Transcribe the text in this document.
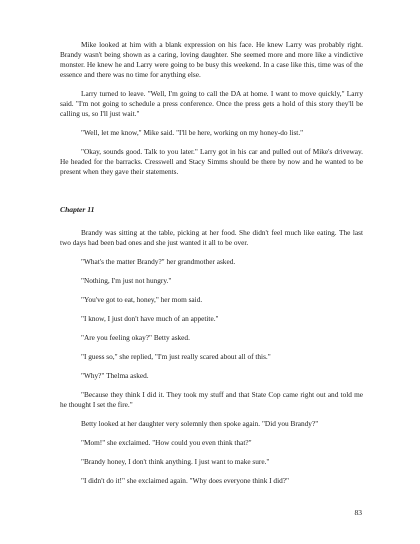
Mike looked at him with a blank expression on his face. He knew Larry was probably right. Brandy wasn't being shown as a caring, loving daughter. She seemed more and more like a vindictive monster. He knew he and Larry were going to be busy this weekend. In a case like this, time was of the essence and there was no time for anything else.

Larry turned to leave. "Well, I'm going to call the DA at home. I want to move quickly," Larry said. "I'm not going to schedule a press conference. Once the press gets a hold of this story they'll be calling us, so I'll just wait."

"Well, let me know," Mike said. "I'll be here, working on my honey-do list."

"Okay, sounds good. Talk to you later." Larry got in his car and pulled out of Mike's driveway. He headed for the barracks. Cresswell and Stacy Simms should be there by now and he wanted to be present when they gave their statements.

Chapter 11

Brandy was sitting at the table, picking at her food. She didn't feel much like eating. The last two days had been bad ones and she just wanted it all to be over.

"What's the matter Brandy?" her grandmother asked.

"Nothing, I'm just not hungry."

"You've got to eat, honey," her mom said.

"I know, I just don't have much of an appetite."

"Are you feeling okay?" Betty asked.

"I guess so," she replied, "I'm just really scared about all of this."

"Why?" Thelma asked.

"Because they think I did it. They took my stuff and that State Cop came right out and told me he thought I set the fire."

Betty looked at her daughter very solemnly then spoke again. "Did you Brandy?"

"Mom!" she exclaimed. "How could you even think that?"

"Brandy honey, I don't think anything. I just want to make sure."

"I didn't do it!" she exclaimed again. "Why does everyone think I did?"

83
